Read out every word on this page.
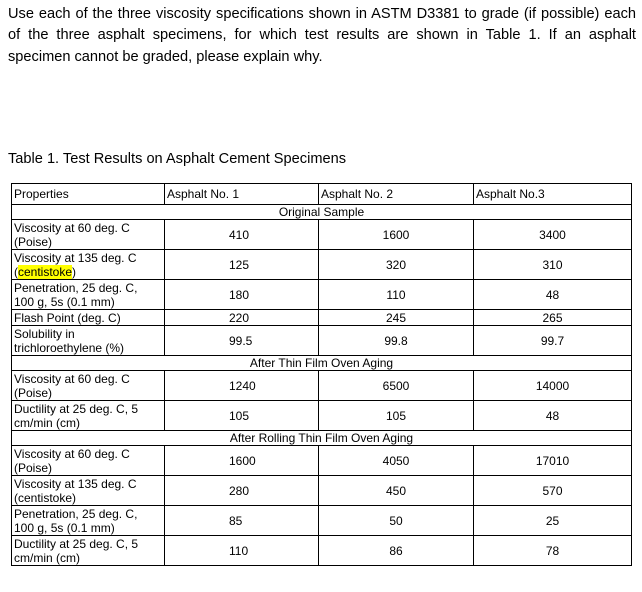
Use each of the three viscosity specifications shown in ASTM D3381 to grade (if possible) each of the three asphalt specimens, for which test results are shown in Table 1. If an asphalt specimen cannot be graded, please explain why.

Table 1. Test Results on Asphalt Cement Specimens
Properties	Asphalt No. 1	Asphalt No. 2	Asphalt No.3
Original Sample			

Viscosity at 60 deg. C
(Poise)	410	1600	3400

Viscosity at 135 deg. C
(centistoke)	125	320	310

Penetration, 25 deg. C,
100 g, 5s (0.1 mm)	180	110	48

Flash Point (deg. C)	220	245	265

Solubility in
trichloroethylene (%)	99.5	99.8	99.7
After Thin Film Oven Aging			

Viscosity at 60 deg. C
(Poise)	1240	6500	14000

Ductility at 25 deg. C, 5
cm/min (cm)	105	105	48
After Rolling Thin Film Oven Aging			

Viscosity at 60 deg. C
(Poise)	1600	4050	17010

Viscosity at 135 deg. C
(centistoke)	280	450	570

Penetration, 25 deg. C,
100 g, 5s (0.1 mm)	85	50	25

Ductility at 25 deg. C, 5
cm/min (cm)	110	86	78
